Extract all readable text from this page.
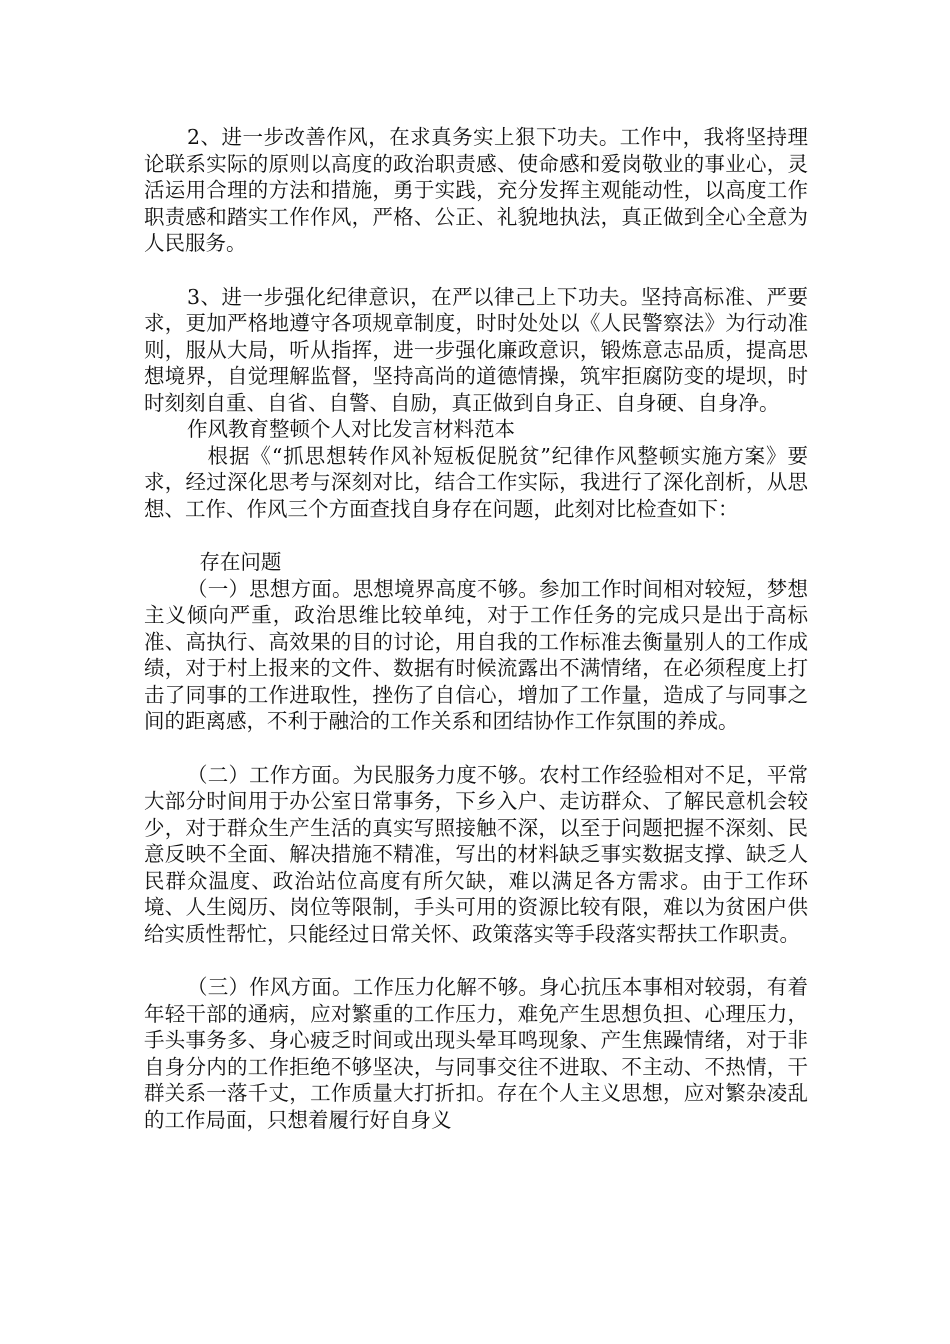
2、进一步改善作风，在求真务实上狠下功夫。工作中，我将坚持理论联系实际的原则以高度的政治职责感、使命感和爱岗敬业的事业心，灵活运用合理的方法和措施，勇于实践，充分发挥主观能动性，以高度工作职责感和踏实工作作风，严格、公正、礼貌地执法，真正做到全心全意为人民服务。

3、进一步强化纪律意识，在严以律己上下功夫。坚持高标准、严要求，更加严格地遵守各项规章制度，时时处处以《人民警察法》为行动准则，服从大局，听从指挥，进一步强化廉政意识，锻炼意志品质，提高思想境界，自觉理解监督，坚持高尚的道德情操，筑牢拒腐防变的堤坝，时时刻刻自重、自省、自警、自励，真正做到自身正、自身硬、自身净。

作风教育整顿个人对比发言材料范本

根据《“抓思想转作风补短板促脱贫”纪律作风整顿实施方案》要求，经过深化思考与深刻对比，结合工作实际，我进行了深化剖析，从思想、工作、作风三个方面查找自身存在问题，此刻对比检查如下：

存在问题

（一）思想方面。思想境界高度不够。参加工作时间相对较短，梦想主义倾向严重，政治思维比较单纯，对于工作任务的完成只是出于高标准、高执行、高效果的目的讨论，用自我的工作标准去衡量别人的工作成绩，对于村上报来的文件、数据有时候流露出不满情绪，在必须程度上打击了同事的工作进取性，挫伤了自信心，增加了工作量，造成了与同事之间的距离感，不利于融洽的工作关系和团结协作工作氛围的养成。

（二）工作方面。为民服务力度不够。农村工作经验相对不足，平常大部分时间用于办公室日常事务，下乡入户、走访群众、了解民意机会较少，对于群众生产生活的真实写照接触不深，以至于问题把握不深刻、民意反映不全面、解决措施不精准，写出的材料缺乏事实数据支撑、缺乏人民群众温度、政治站位高度有所欠缺，难以满足各方需求。由于工作环境、人生阅历、岗位等限制，手头可用的资源比较有限，难以为贫困户供给实质性帮忙，只能经过日常关怀、政策落实等手段落实帮扶工作职责。

（三）作风方面。工作压力化解不够。身心抗压本事相对较弱，有着年轻干部的通病，应对繁重的工作压力，难免产生思想负担、心理压力，手头事务多、身心疲乏时间或出现头晕耳鸣现象、产生焦躁情绪，对于非自身分内的工作拒绝不够坚决，与同事交往不进取、不主动、不热情，干群关系一落千丈，工作质量大打折扣。存在个人主义思想，应对繁杂凌乱的工作局面，只想着履行好自身义
